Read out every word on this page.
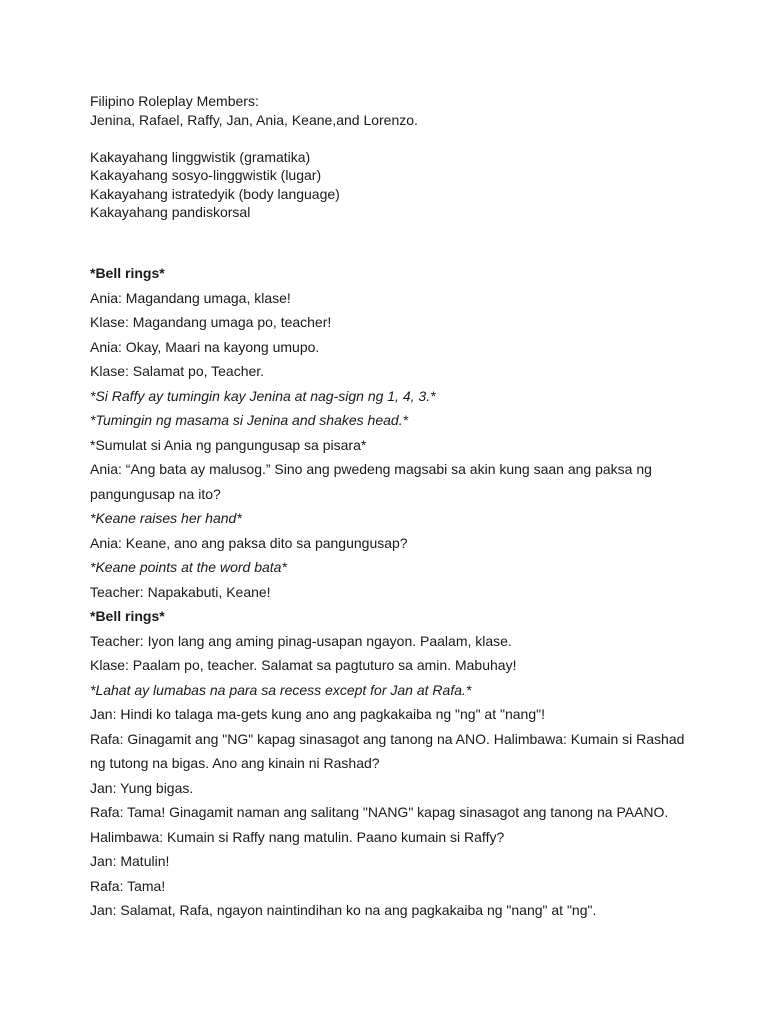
Filipino Roleplay Members:
Jenina, Rafael, Raffy, Jan, Ania, Keane,and Lorenzo.
Kakayahang linggwistik (gramatika)
Kakayahang sosyo-linggwistik (lugar)
Kakayahang istratedyik (body language)
Kakayahang pandiskorsal
*Bell rings*
Ania: Magandang umaga, klase!
Klase: Magandang umaga po, teacher!
Ania: Okay, Maari na kayong umupo.
Klase: Salamat po, Teacher.
*Si Raffy ay tumingin kay Jenina at nag-sign ng 1, 4, 3.*
*Tumingin ng masama si Jenina and shakes head.*
*Sumulat si Ania ng pangungusap sa pisara*
Ania: “Ang bata ay malusog.” Sino ang pwedeng magsabi sa akin kung saan ang paksa ng
pangungusap na ito?
*Keane raises her hand*
Ania: Keane, ano ang paksa dito sa pangungusap?
*Keane points at the word bata*
Teacher: Napakabuti, Keane!
*Bell rings*
Teacher: Iyon lang ang aming pinag-usapan ngayon. Paalam, klase.
Klase: Paalam po, teacher. Salamat sa pagtuturo sa amin. Mabuhay!
*Lahat ay lumabas na para sa recess except for Jan at Rafa.*
Jan: Hindi ko talaga ma-gets kung ano ang pagkakaiba ng "ng" at "nang"!
Rafa: Ginagamit ang "NG" kapag sinasagot ang tanong na ANO. Halimbawa: Kumain si Rashad
ng tutong na bigas. Ano ang kinain ni Rashad?
Jan: Yung bigas.
Rafa: Tama! Ginagamit naman ang salitang "NANG" kapag sinasagot ang tanong na PAANO.
Halimbawa: Kumain si Raffy nang matulin. Paano kumain si Raffy?
Jan: Matulin!
Rafa: Tama!
Jan: Salamat, Rafa, ngayon naintindihan ko na ang pagkakaiba ng "nang" at "ng".
